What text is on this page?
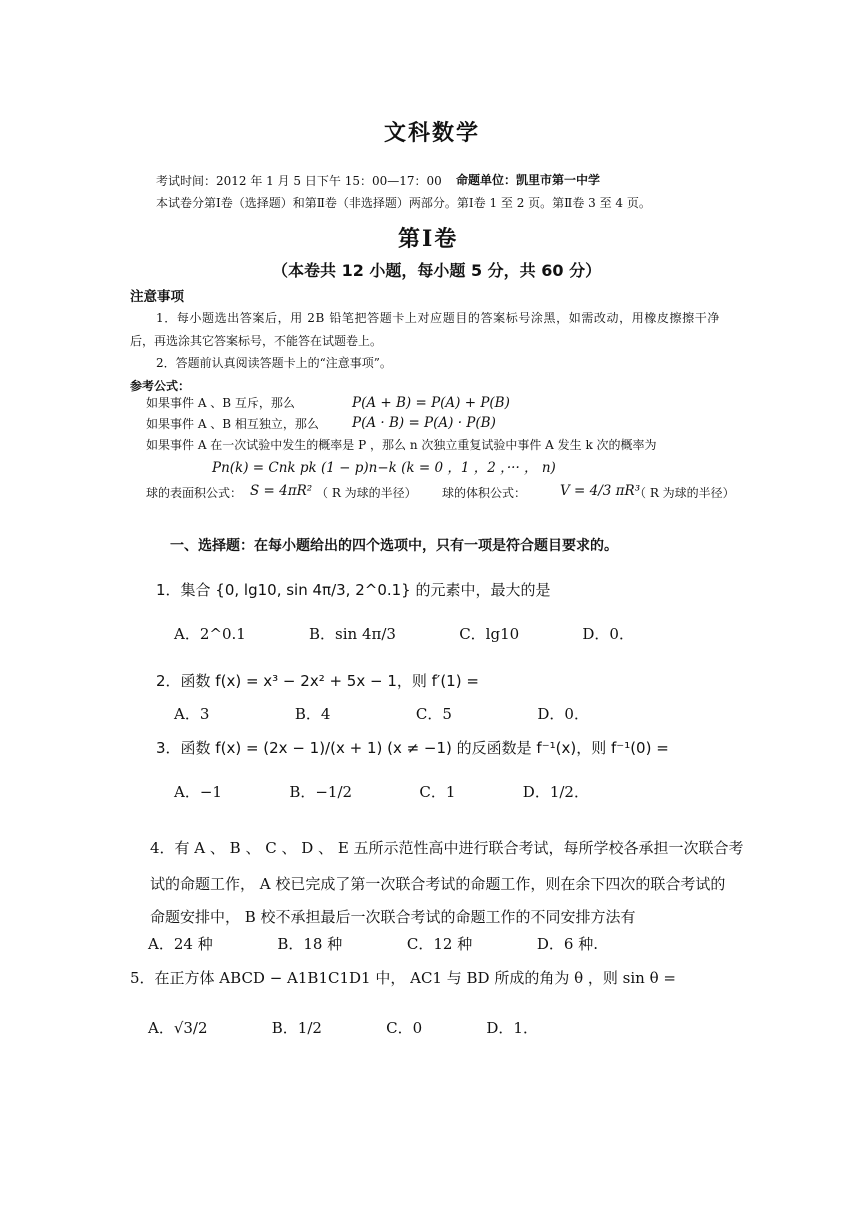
文科数学
考试时间：2012 年 1 月 5 日下午 15：00—17：00 命题单位：凯里市第一中学
本试卷分第Ⅰ卷（选择题）和第Ⅱ卷（非选择题）两部分。第Ⅰ卷 1 至 2 页。第Ⅱ卷 3 至 4 页。
第Ⅰ卷
（本卷共 12 小题，每小题 5 分，共 60 分）
注意事项
1．每小题选出答案后，用 2B 铅笔把答题卡上对应题目的答案标号涂黑，如需改动，用橡皮擦擦干净
后，再选涂其它答案标号，不能答在试题卷上。
2．答题前认真阅读答题卡上的“注意事项”。
参考公式：
如果事件 A 、B 互斥，那么	P(A + B) = P(A) + P(B)
如果事件 A 、B 相互独立，那么 P(A · B) = P(A) · P(B)
如果事件 A 在一次试验中发生的概率是 P ，那么 n 次独立重复试验中事件 A 发生 k 次的概率为
Pn(k) = Cnk pk (1 − p)n−k (k = 0 ，1 ，2 ，··· ， n)
球的表面积公式： S = 4πR² （ R 为球的半径） 球的体积公式：	V = 4/3 πR³
（ R 为球的半径）
一、选择题：在每小题给出的四个选项中，只有一项是符合题目要求的。
1．集合 {0, lg10, sin 4π/3, 2^0.1} 的元素中，最大的是
A．2^0.1	B．sin 4π/3	C．lg10	D．0．
2．函数 f(x) = x³ − 2x² + 5x − 1，则 f′(1) =
A．3	B．4	C．5	D．0．
3．函数 f(x) = (2x − 1)/(x + 1) (x ≠ −1) 的反函数是 f⁻¹(x)，则 f⁻¹(0) =
A．−1	B．−1/2	C．1	D．1/2．
4．有 A 、 B 、 C 、 D 、 E 五所示范性高中进行联合考试，每所学校各承担一次联合考
试的命题工作， A 校已完成了第一次联合考试的命题工作，则在余下四次的联合考试的
命题安排中， B 校不承担最后一次联合考试的命题工作的不同安排方法有
A．24 种	B．18 种	C．12 种	D．6 种.
5．在正方体 ABCD − A1B1C1D1 中， AC1 与 BD 所成的角为 θ ，则 sin θ =
A．√3/2	B．1/2	C．0	D．1．
